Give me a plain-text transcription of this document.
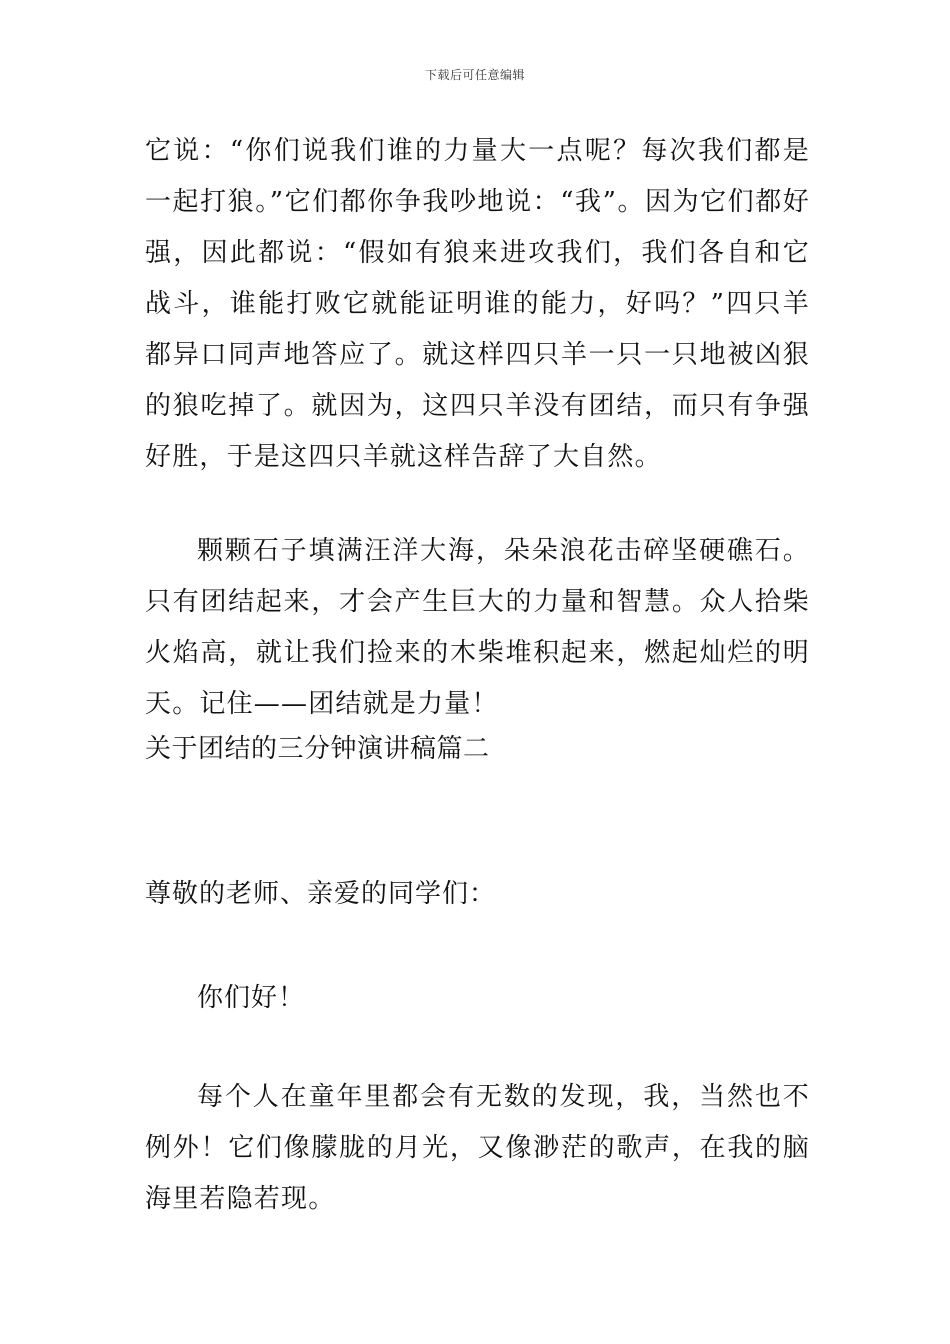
下载后可任意编辑
它说：“你们说我们谁的力量大一点呢？每次我们都是一起打狼。”它们都你争我吵地说：“我”。因为它们都好强，因此都说：“假如有狼来进攻我们，我们各自和它战斗，谁能打败它就能证明谁的能力，好吗？”四只羊都异口同声地答应了。就这样四只羊一只一只地被凶狠的狼吃掉了。就因为，这四只羊没有团结，而只有争强好胜，于是这四只羊就这样告辞了大自然。
颗颗石子填满汪洋大海，朵朵浪花击碎坚硬礁石。只有团结起来，才会产生巨大的力量和智慧。众人拾柴火焰高，就让我们捡来的木柴堆积起来，燃起灿烂的明天。记住——团结就是力量！
关于团结的三分钟演讲稿篇二
尊敬的老师、亲爱的同学们：
你们好！
每个人在童年里都会有无数的发现，我，当然也不例外！它们像朦胧的月光，又像渺茫的歌声，在我的脑海里若隐若现。
